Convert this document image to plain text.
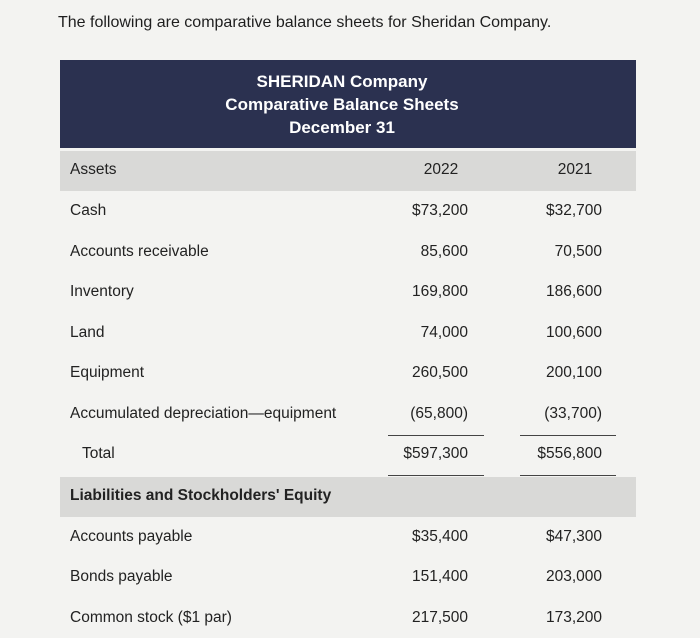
The following are comparative balance sheets for Sheridan Company.
SHERIDAN Company
Comparative Balance Sheets
December 31
Assets	2022	2021
Cash	$73,200	$32,700
Accounts receivable	85,600	70,500
Inventory	169,800	186,600
Land	74,000	100,600
Equipment	260,500	200,100
Accumulated depreciation—equipment	(65,800)	(33,700)
Total	$597,300	$556,800
Liabilities and Stockholders' Equity
Accounts payable	$35,400	$47,300
Bonds payable	151,400	203,000
Common stock ($1 par)	217,500	173,200
